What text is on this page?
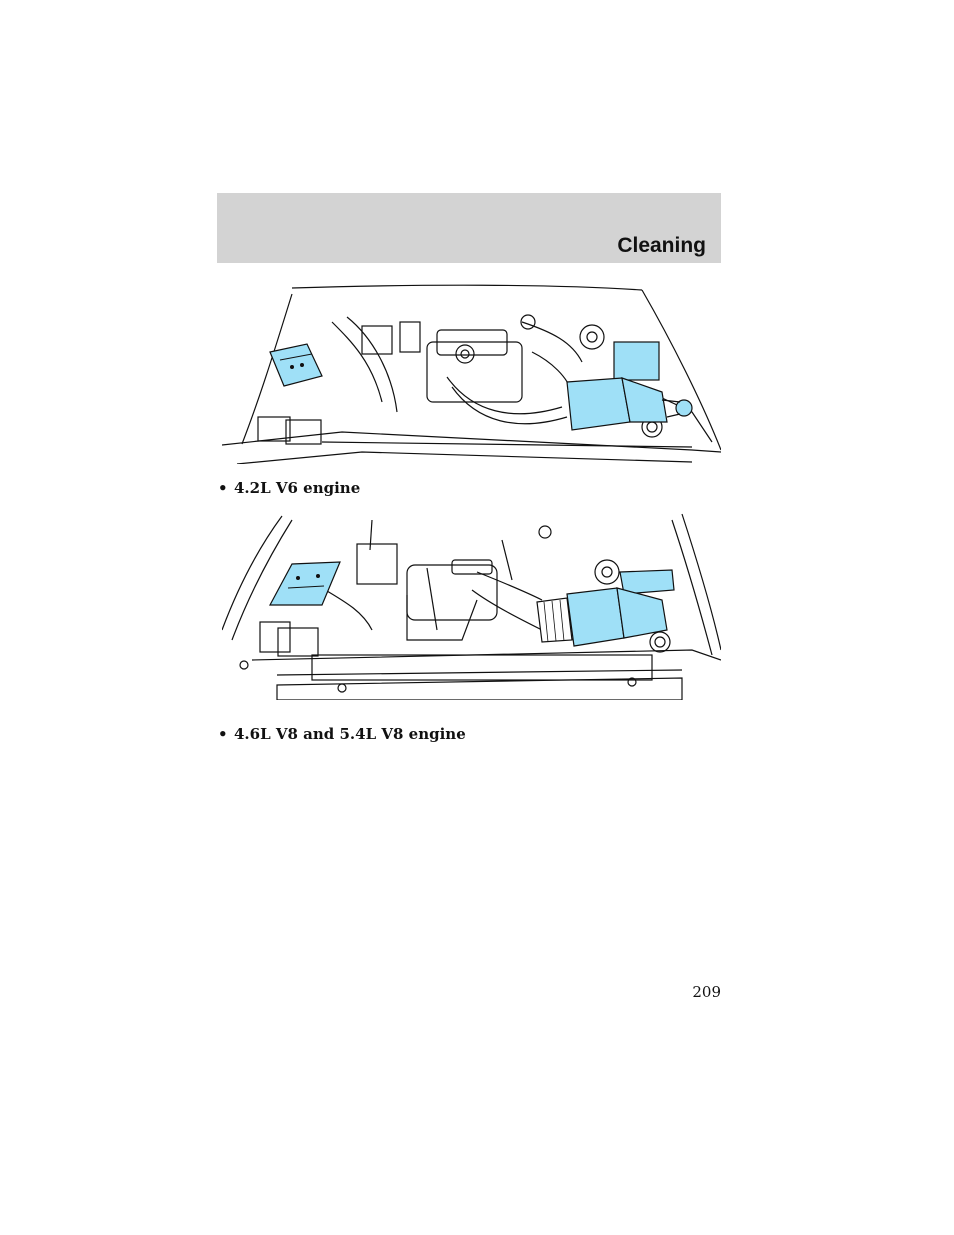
Cleaning
• 4.2L V6 engine
• 4.6L V8 and 5.4L V8 engine
209
